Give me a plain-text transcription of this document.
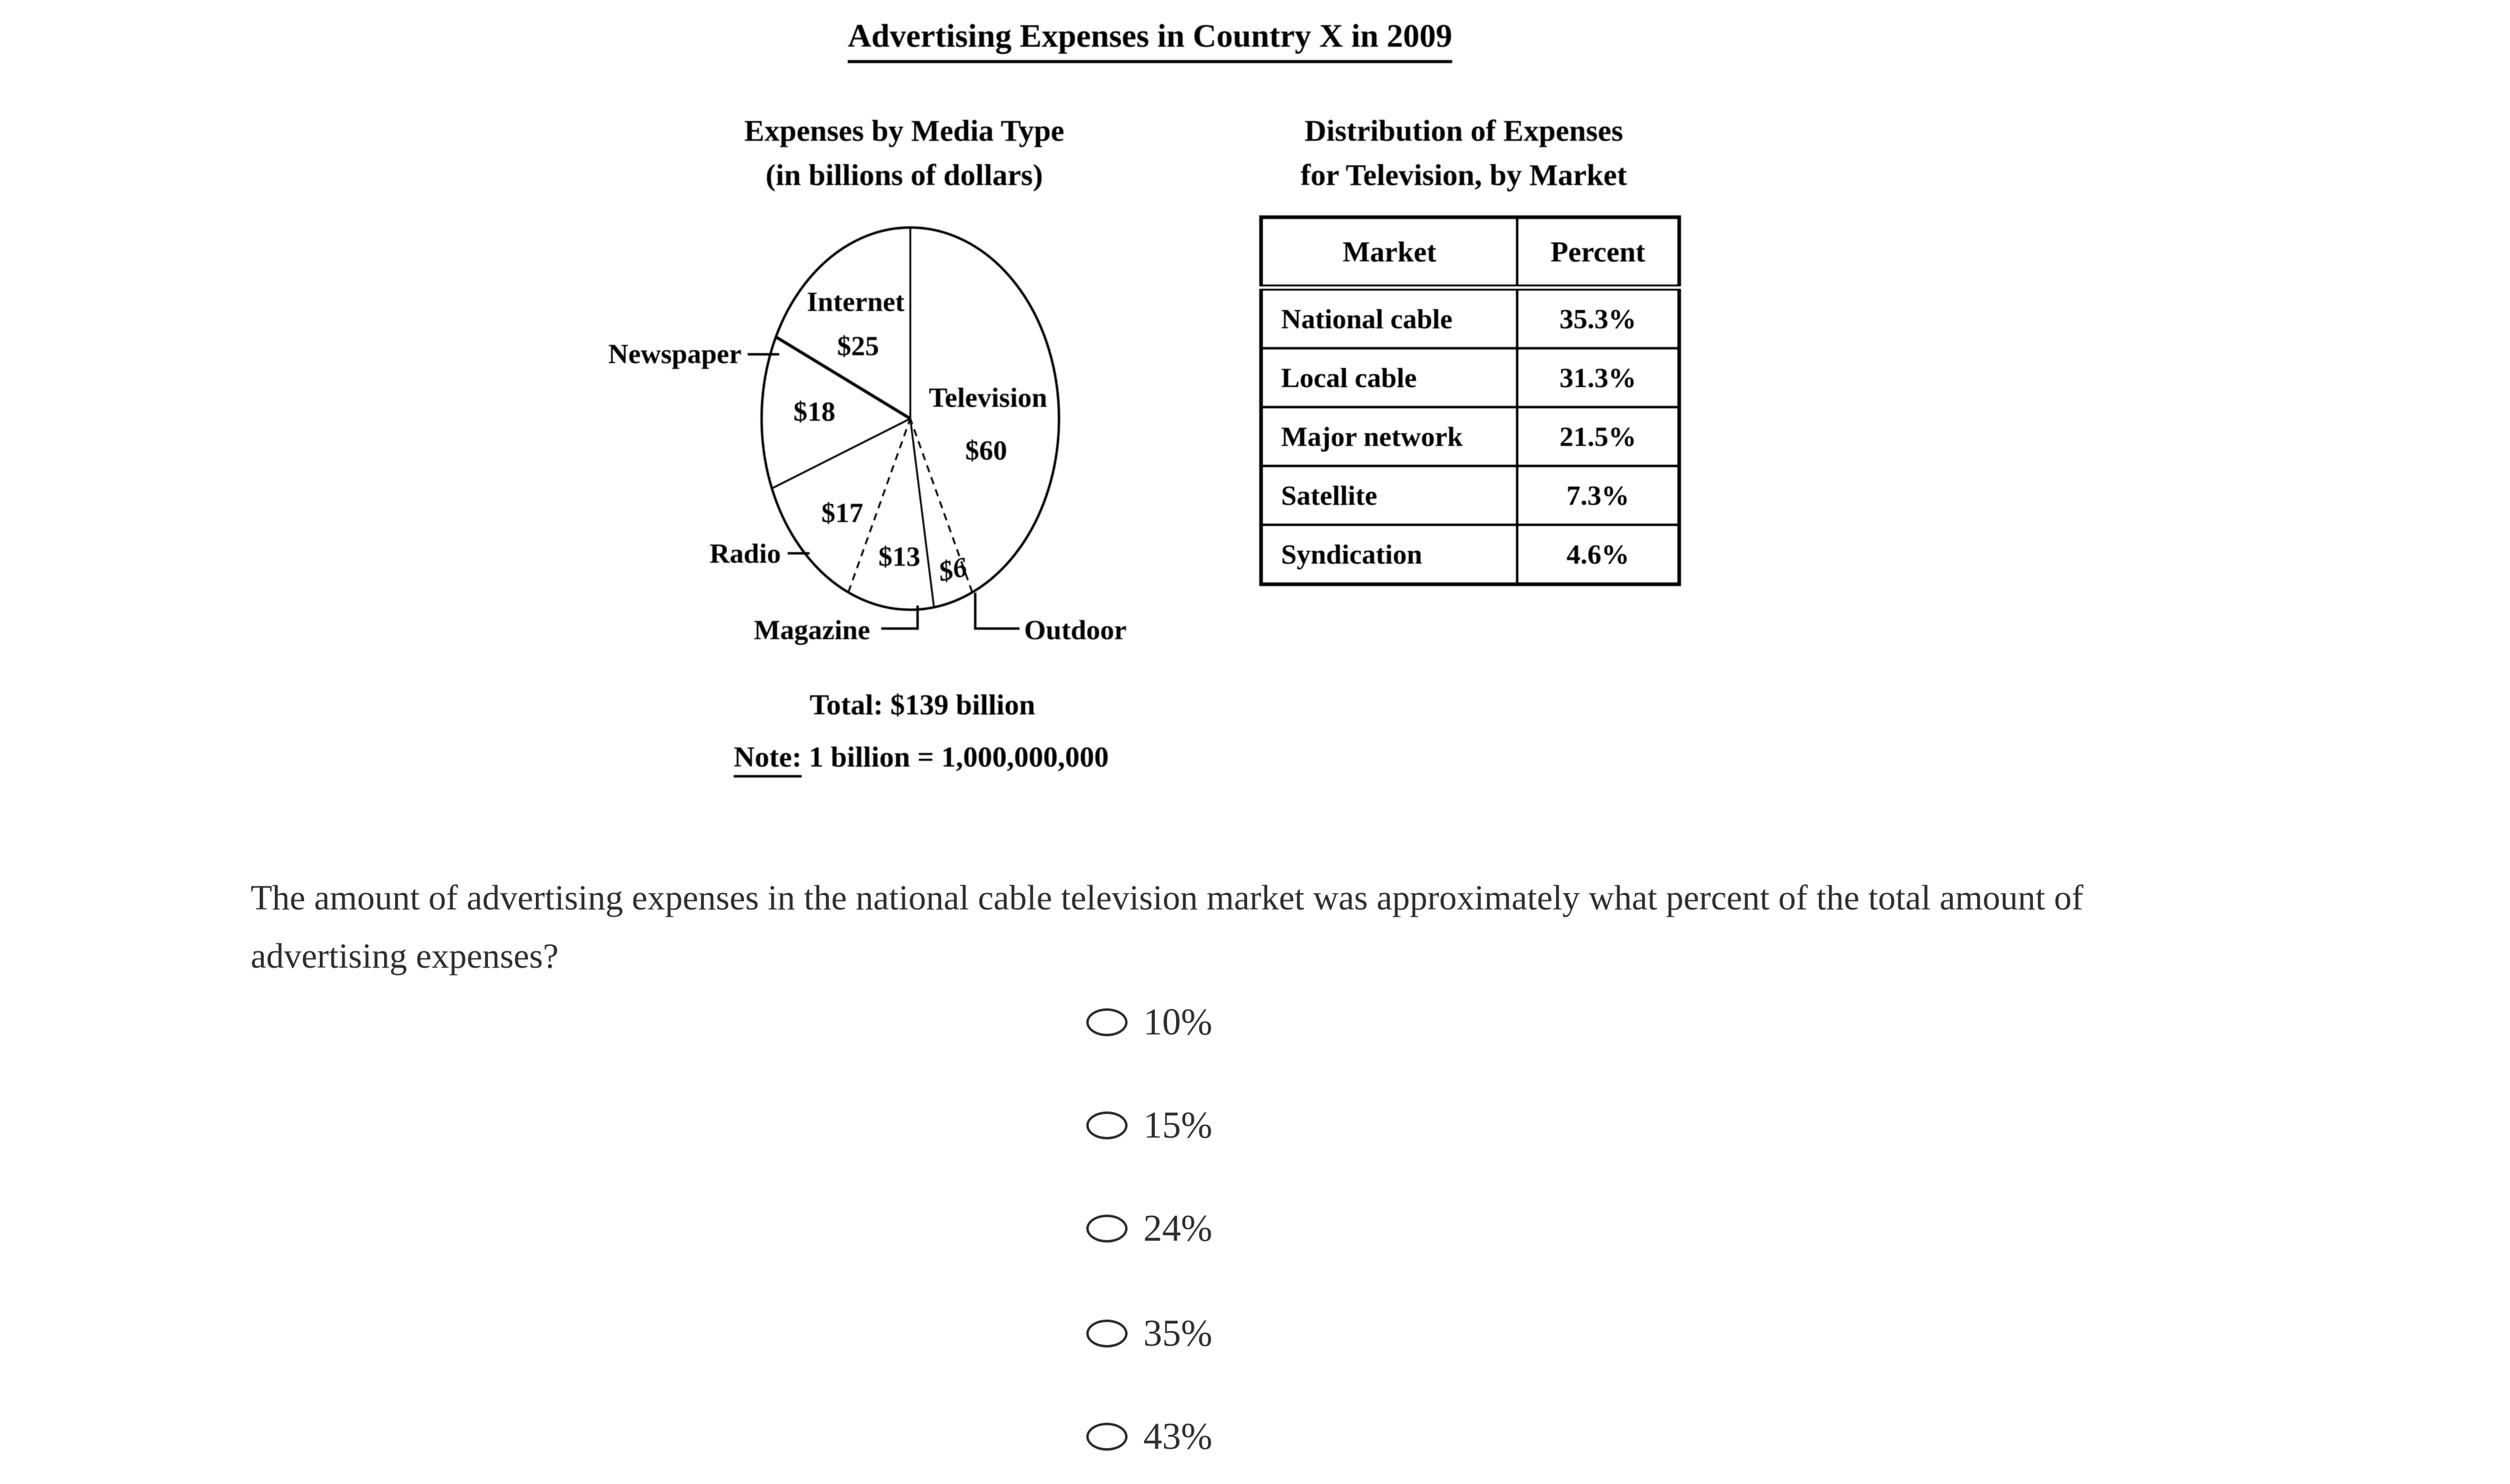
Advertising Expenses in Country X in 2009
Expenses by Media Type
(in billions of dollars)
Distribution of Expenses
for Television, by Market
Internet
$25
Television
$60
$18
$17
$13 $6
Newspaper
Radio
Magazine	Outdoor
Total: $139 billion
Note: 1 billion = 1,000,000,000
Market	Percent
National cable	35.3%
Local cable	31.3%
Major network	21.5%
Satellite	7.3%
Syndication	4.6%
The amount of advertising expenses in the national cable television market was approximately what percent of the total amount of
advertising expenses?
10%
15%
24%
35%
43%
